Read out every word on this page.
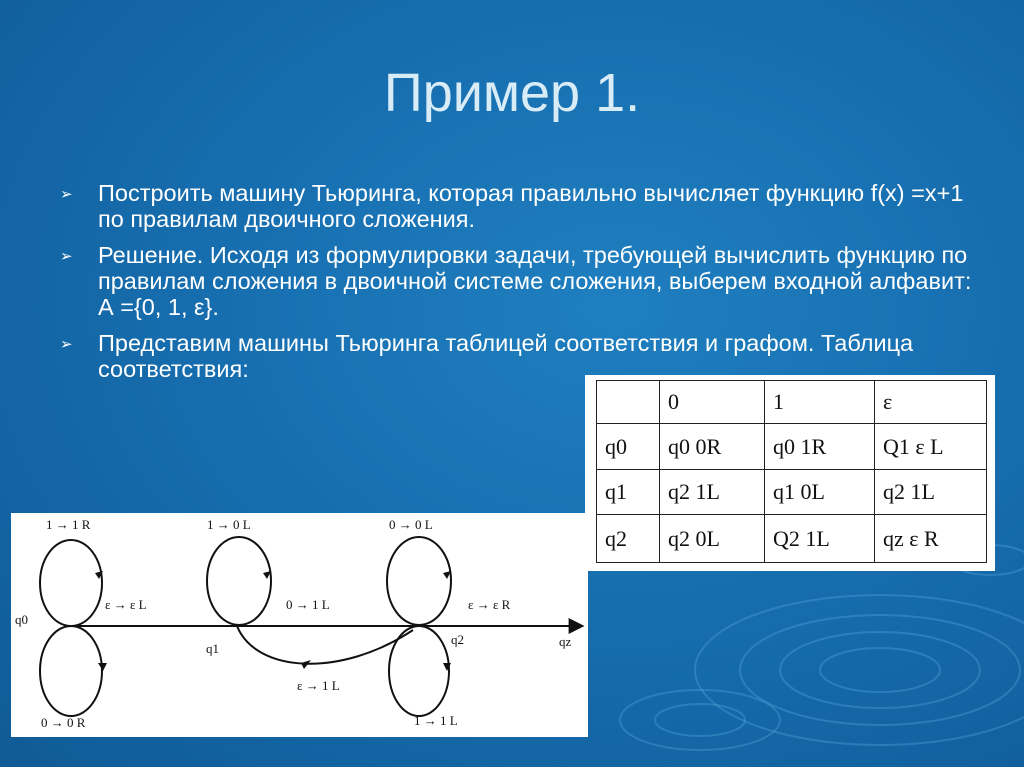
Пример 1.
➢ Построить машину Тьюринга, которая правильно вычисляет функцию f(x) =x+1 по правилам двоичного сложения.
➢ Решение. Исходя из формулировки задачи, требующей вычислить функцию по правилам сложения в двоичной системе сложения, выберем входной алфавит: А ={0, 1, ε}.
➢ Представим машины Тьюринга таблицей соответствия и графом. Таблица соответствия:
	0	1	ε
q0	q0 0R	q0 1R	Q1 ε L
q1	q2 1L	q1 0L	q2 1L
q2	q2 0L	Q2 1L	qz ε R
1 → 1 R
0 → 0 R
ε → ε L
1 → 0 L
0 → 1 L
ε → 1 L
0 → 0 L
1 → 1 L
ε → ε R
q0
q1
q2	qz
